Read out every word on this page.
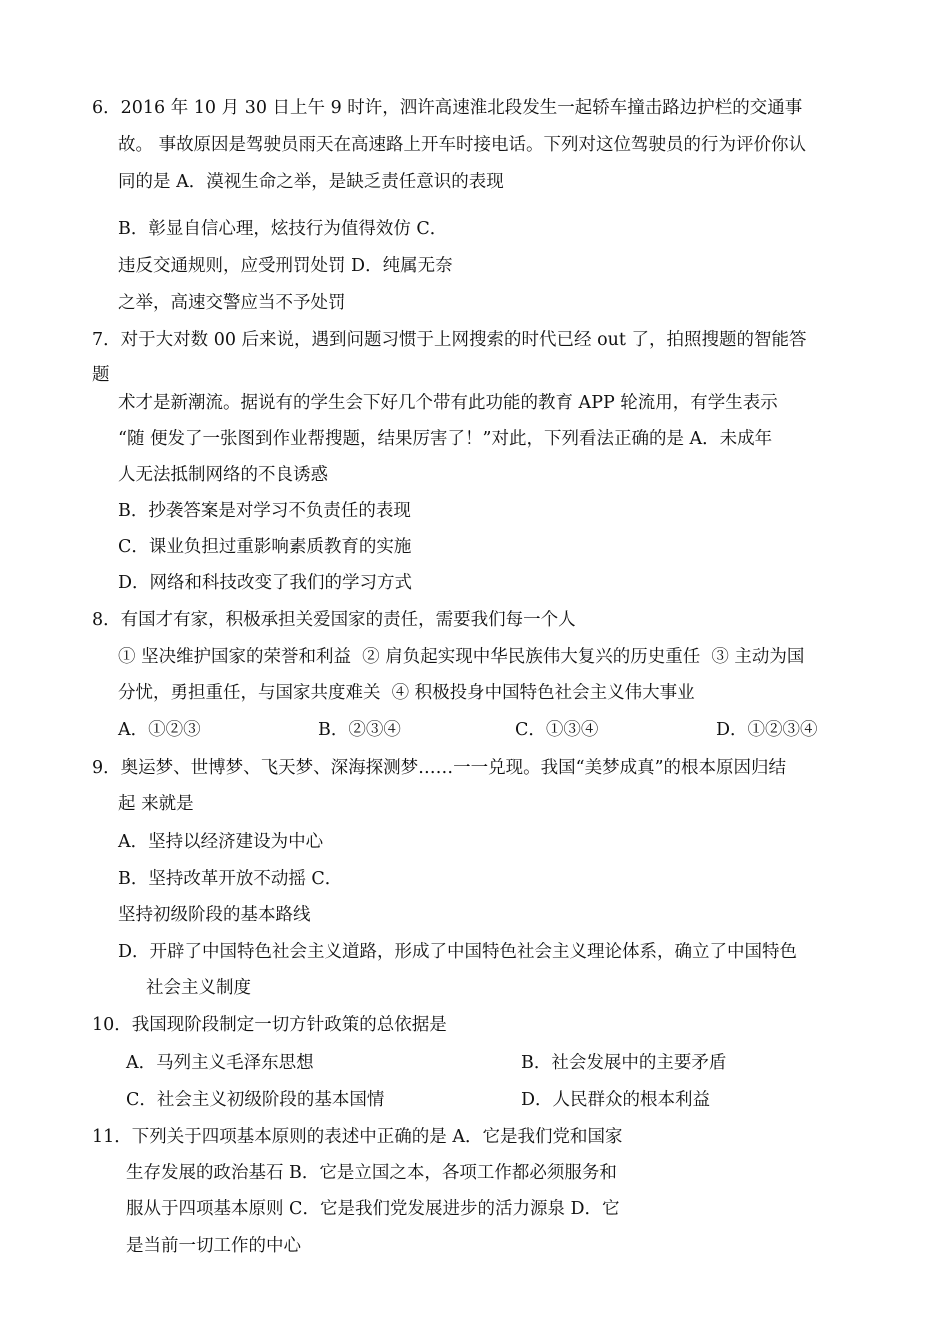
6．2016 年 10 月 30 日上午 9 时许，泗许高速淮北段发生一起轿车撞击路边护栏的交通事
故。 事故原因是驾驶员雨天在高速路上开车时接电话。下列对这位驾驶员的行为评价你认
同的是 A．漠视生命之举，是缺乏责任意识的表现
B．彰显自信心理，炫技行为值得效仿 C．
违反交通规则，应受刑罚处罚 D．纯属无奈
之举，高速交警应当不予处罚
7．对于大对数 00 后来说，遇到问题习惯于上网搜索的时代已经 out 了，拍照搜题的智能答
题
术才是新潮流。据说有的学生会下好几个带有此功能的教育 APP 轮流用，有学生表示
“随 便发了一张图到作业帮搜题，结果厉害了！”对此，下列看法正确的是 A．未成年
人无法抵制网络的不良诱惑
B．抄袭答案是对学习不负责任的表现
C．课业负担过重影响素质教育的实施
D．网络和科技改变了我们的学习方式
8．有国才有家，积极承担关爱国家的责任，需要我们每一个人
① 坚决维护国家的荣誉和利益  ② 肩负起实现中华民族伟大复兴的历史重任  ③ 主动为国
分忧，勇担重任，与国家共度难关  ④ 积极投身中国特色社会主义伟大事业
A．①②③	B．②③④	C．①③④	D．①②③④
9．奥运梦、世博梦、飞天梦、深海探测梦……一一兑现。我国“美梦成真”的根本原因归结
起 来就是
A．坚持以经济建设为中心
B．坚持改革开放不动摇 C．
坚持初级阶段的基本路线
D．开辟了中国特色社会主义道路，形成了中国特色社会主义理论体系，确立了中国特色
社会主义制度
10．我国现阶段制定一切方针政策的总依据是
A．马列主义毛泽东思想	B．社会发展中的主要矛盾
C．社会主义初级阶段的基本国情	D．人民群众的根本利益
11．下列关于四项基本原则的表述中正确的是 A．它是我们党和国家
生存发展的政治基石 B．它是立国之本，各项工作都必须服务和
服从于四项基本原则 C．它是我们党发展进步的活力源泉 D．它
是当前一切工作的中心
